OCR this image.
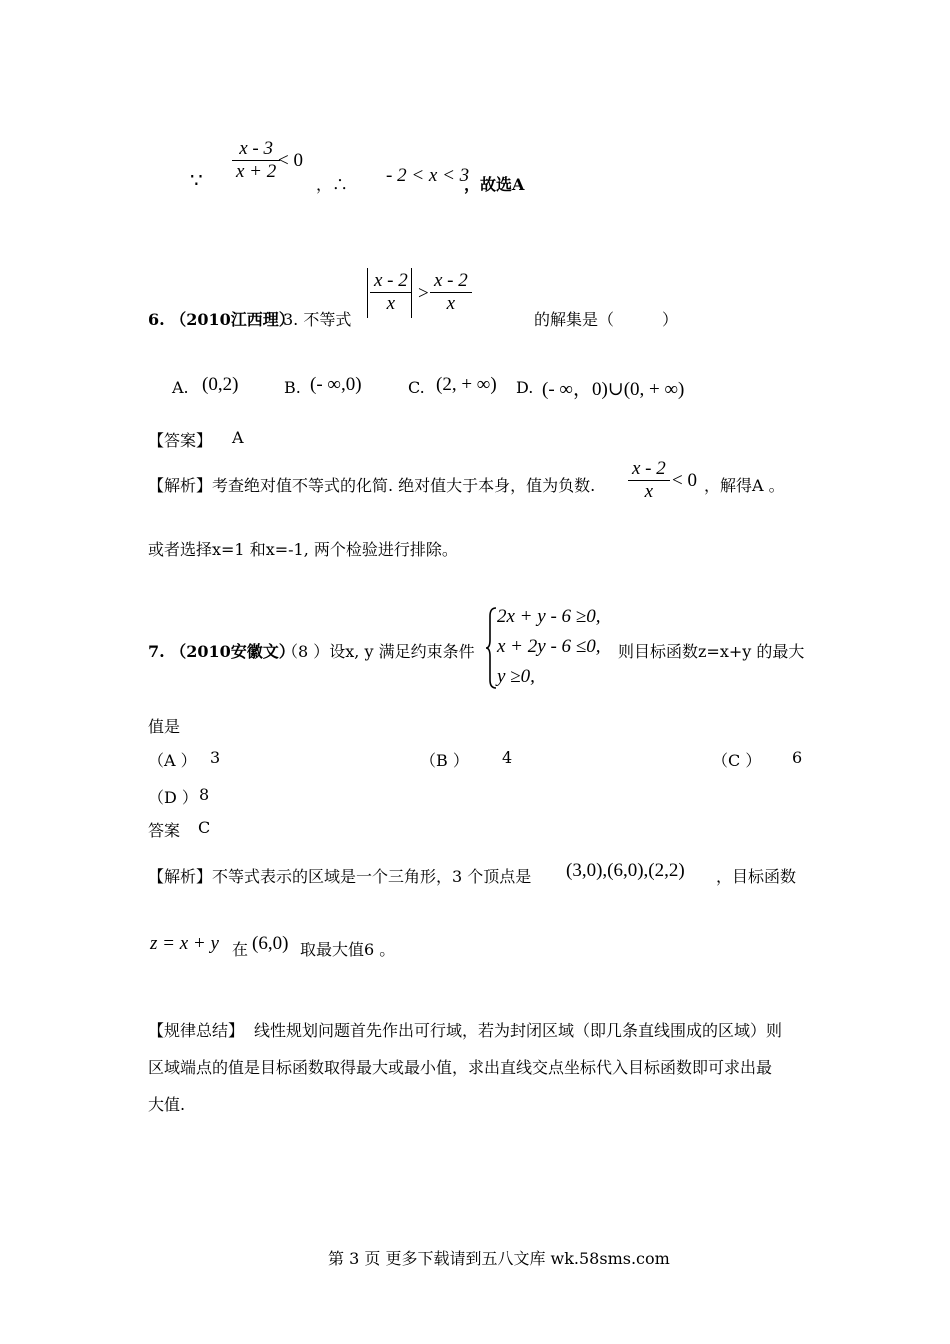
∵
x - 3
x + 2
< 0
，∴ - 2 < x < 3
，故选A
6. （2010江西理）
3. 不等式
x - 2
x	>
x - 2
x
的解集是（　　　）
A. (0,2)	B. (- ∞,0)	C. (2, + ∞) D. (- ∞，0)∪(0, + ∞)
【答案】 A
【解析】 考查绝对值不等式的化简. 绝对值大于本身，值为负数.
x - 2
x
< 0 ，解得A 。
或者选择x=1 和x=-1, 两个检验进行排除。
7. （2010安徽文）
（8 ）设x, y 满足约束条件
2x + y - 6 ≥0,
x + 2y - 6 ≤0,
y ≥0,
则目标函数z=x+y 的最大
值是
（A ） 3	（B ） 4	（C ） 6
（D ） 8
答案 C
【解析】 不等式表示的区域是一个三角形，3 个顶点是 (3,0),(6,0),(2,2) ，目标函数
z = x + y 在 (6,0) 取最大值6 。
【规律总结】 线性规划问题首先作出可行域，若为封闭区域（即几条直线围成的区域）则
区域端点的值是目标函数取得最大或最小值，求出直线交点坐标代入目标函数即可求出最
大值.
第 3 页 更多下载请到五八文库 wk.58sms.com
